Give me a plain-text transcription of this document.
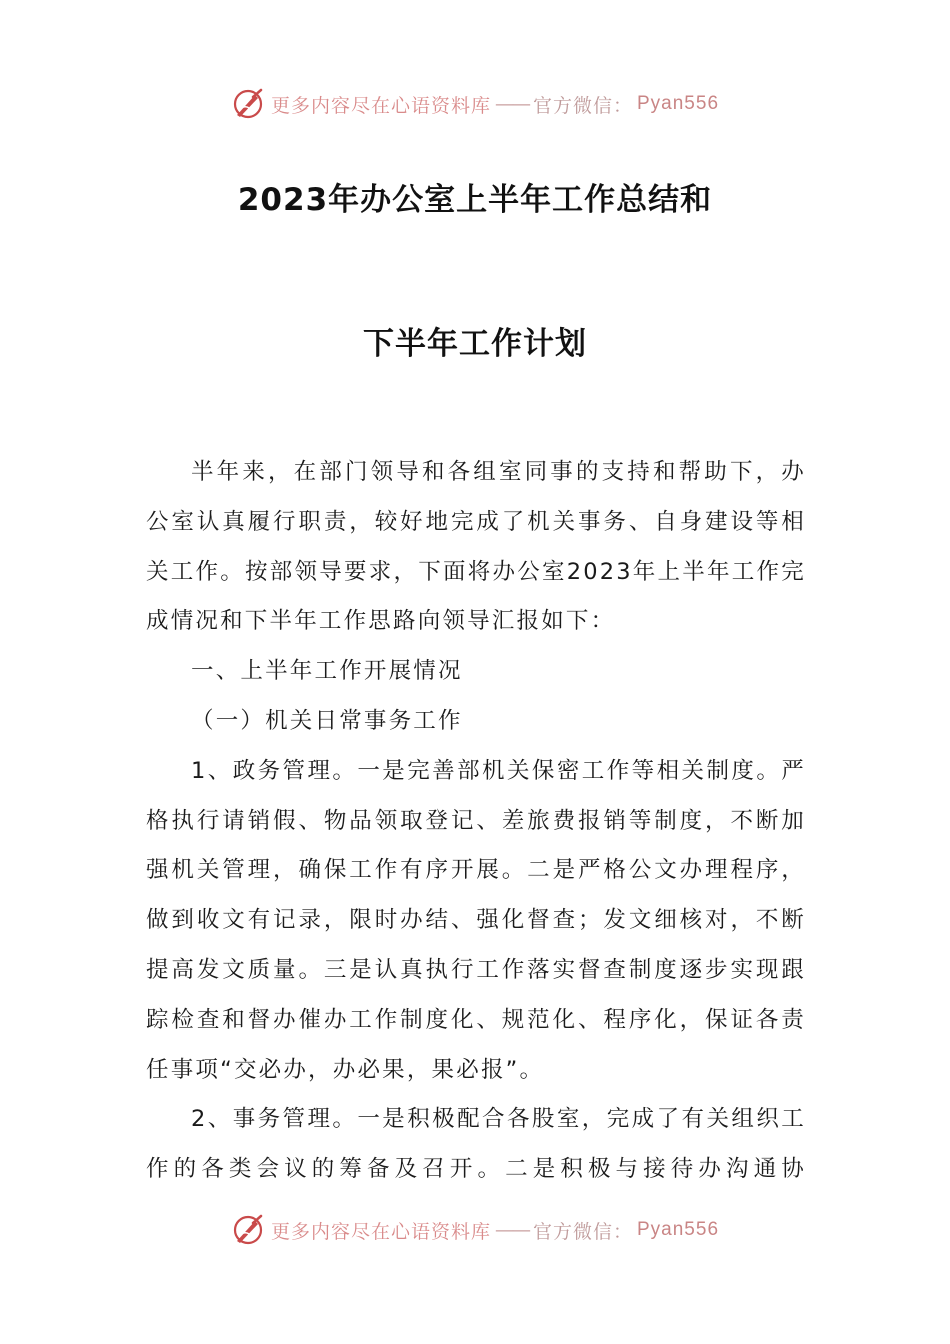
更多内容尽在心语资料库 —— 官方微信： Pyan556
2023年办公室上半年工作总结和
下半年工作计划

半年来，在部门领导和各组室同事的支持和帮助下，办公室认真履行职责，较好地完成了机关事务、自身建设等相关工作。按部领导要求，下面将办公室2023年上半年工作完成情况和下半年工作思路向领导汇报如下：

一、上半年工作开展情况

（一）机关日常事务工作

1、政务管理。一是完善部机关保密工作等相关制度。严格执行请销假、物品领取登记、差旅费报销等制度，不断加强机关管理，确保工作有序开展。二是严格公文办理程序，做到收文有记录，限时办结、强化督查；发文细核对，不断提高发文质量。三是认真执行工作落实督查制度逐步实现跟踪检查和督办催办工作制度化、规范化、程序化，保证各责任事项“交必办，办必果，果必报”。

2、事务管理。一是积极配合各股室，完成了有关组织工作的各类会议的筹备及召开。二是积极与接待办沟通协

更多内容尽在心语资料库 —— 官方微信： Pyan556
